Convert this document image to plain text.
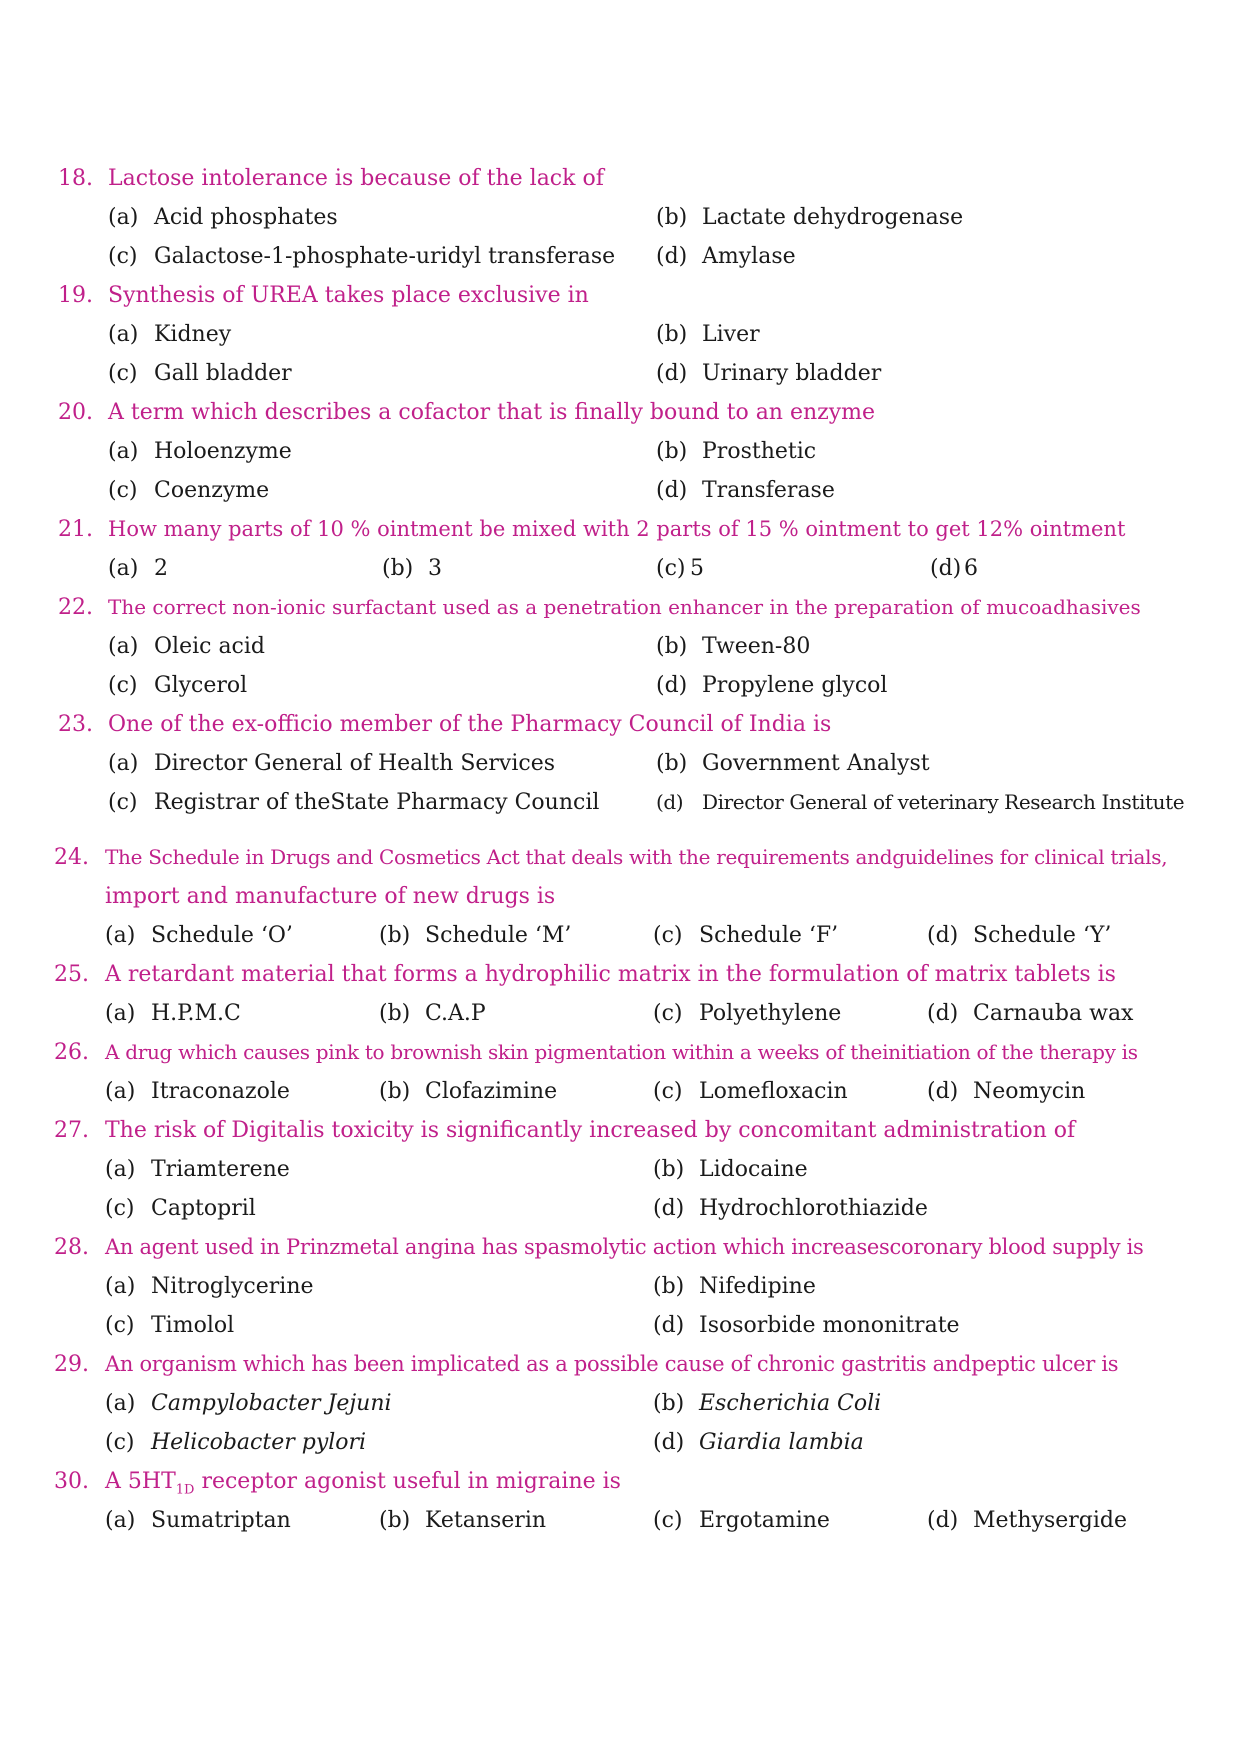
18. Lactose intolerance is because of the lack of
(a) Acid phosphates	(b) Lactate dehydrogenase
(c) Galactose-1-phosphate-uridyl transferase (d) Amylase
19. Synthesis of UREA takes place exclusive in
(a) Kidney	(b) Liver
(c) Gall bladder	(d) Urinary bladder
20. A term which describes a cofactor that is finally bound to an enzyme
(a) Holoenzyme	(b) Prosthetic
(c) Coenzyme	(d) Transferase
21. How many parts of 10 % ointment be mixed with 2 parts of 15 % ointment to get 12% ointment
(a) 2	(b) 3	(c) 5	(d) 6
22. The correct non-ionic surfactant used as a penetration enhancer in the preparation of mucoadhasives
(a) Oleic acid	(b) Tween-80
(c) Glycerol	(d) Propylene glycol
23. One of the ex-officio member of the Pharmacy Council of India is
(a) Director General of Health Services	(b) Government Analyst
(c) Registrar of theState Pharmacy Council	(d) Director General of veterinary Research Institute
24. The Schedule in Drugs and Cosmetics Act that deals with the requirements andguidelines for clinical trials,
import and manufacture of new drugs is
(a) Schedule ‘O’	(b) Schedule ‘M’	(c) Schedule ‘F’	(d) Schedule ‘Y’
25. A retardant material that forms a hydrophilic matrix in the formulation of matrix tablets is
(a) H.P.M.C	(b) C.A.P	(c) Polyethylene	(d) Carnauba wax
26. A drug which causes pink to brownish skin pigmentation within a weeks of theinitiation of the therapy is
(a) Itraconazole	(b) Clofazimine	(c) Lomefloxacin	(d) Neomycin
27. The risk of Digitalis toxicity is significantly increased by concomitant administration of
(a) Triamterene	(b) Lidocaine
(c) Captopril	(d) Hydrochlorothiazide
28. An agent used in Prinzmetal angina has spasmolytic action which increasescoronary blood supply is
(a) Nitroglycerine	(b) Nifedipine
(c) Timolol	(d) Isosorbide mononitrate
29. An organism which has been implicated as a possible cause of chronic gastritis andpeptic ulcer is
(a) Campylobacter Jejuni	(b) Escherichia Coli
(c) Helicobacter pylori	(d) Giardia lambia
30. A $5HT_{1D}$ receptor agonist useful in migraine is
(a) Sumatriptan	(b) Ketanserin	(c) Ergotamine	(d) Methysergide
